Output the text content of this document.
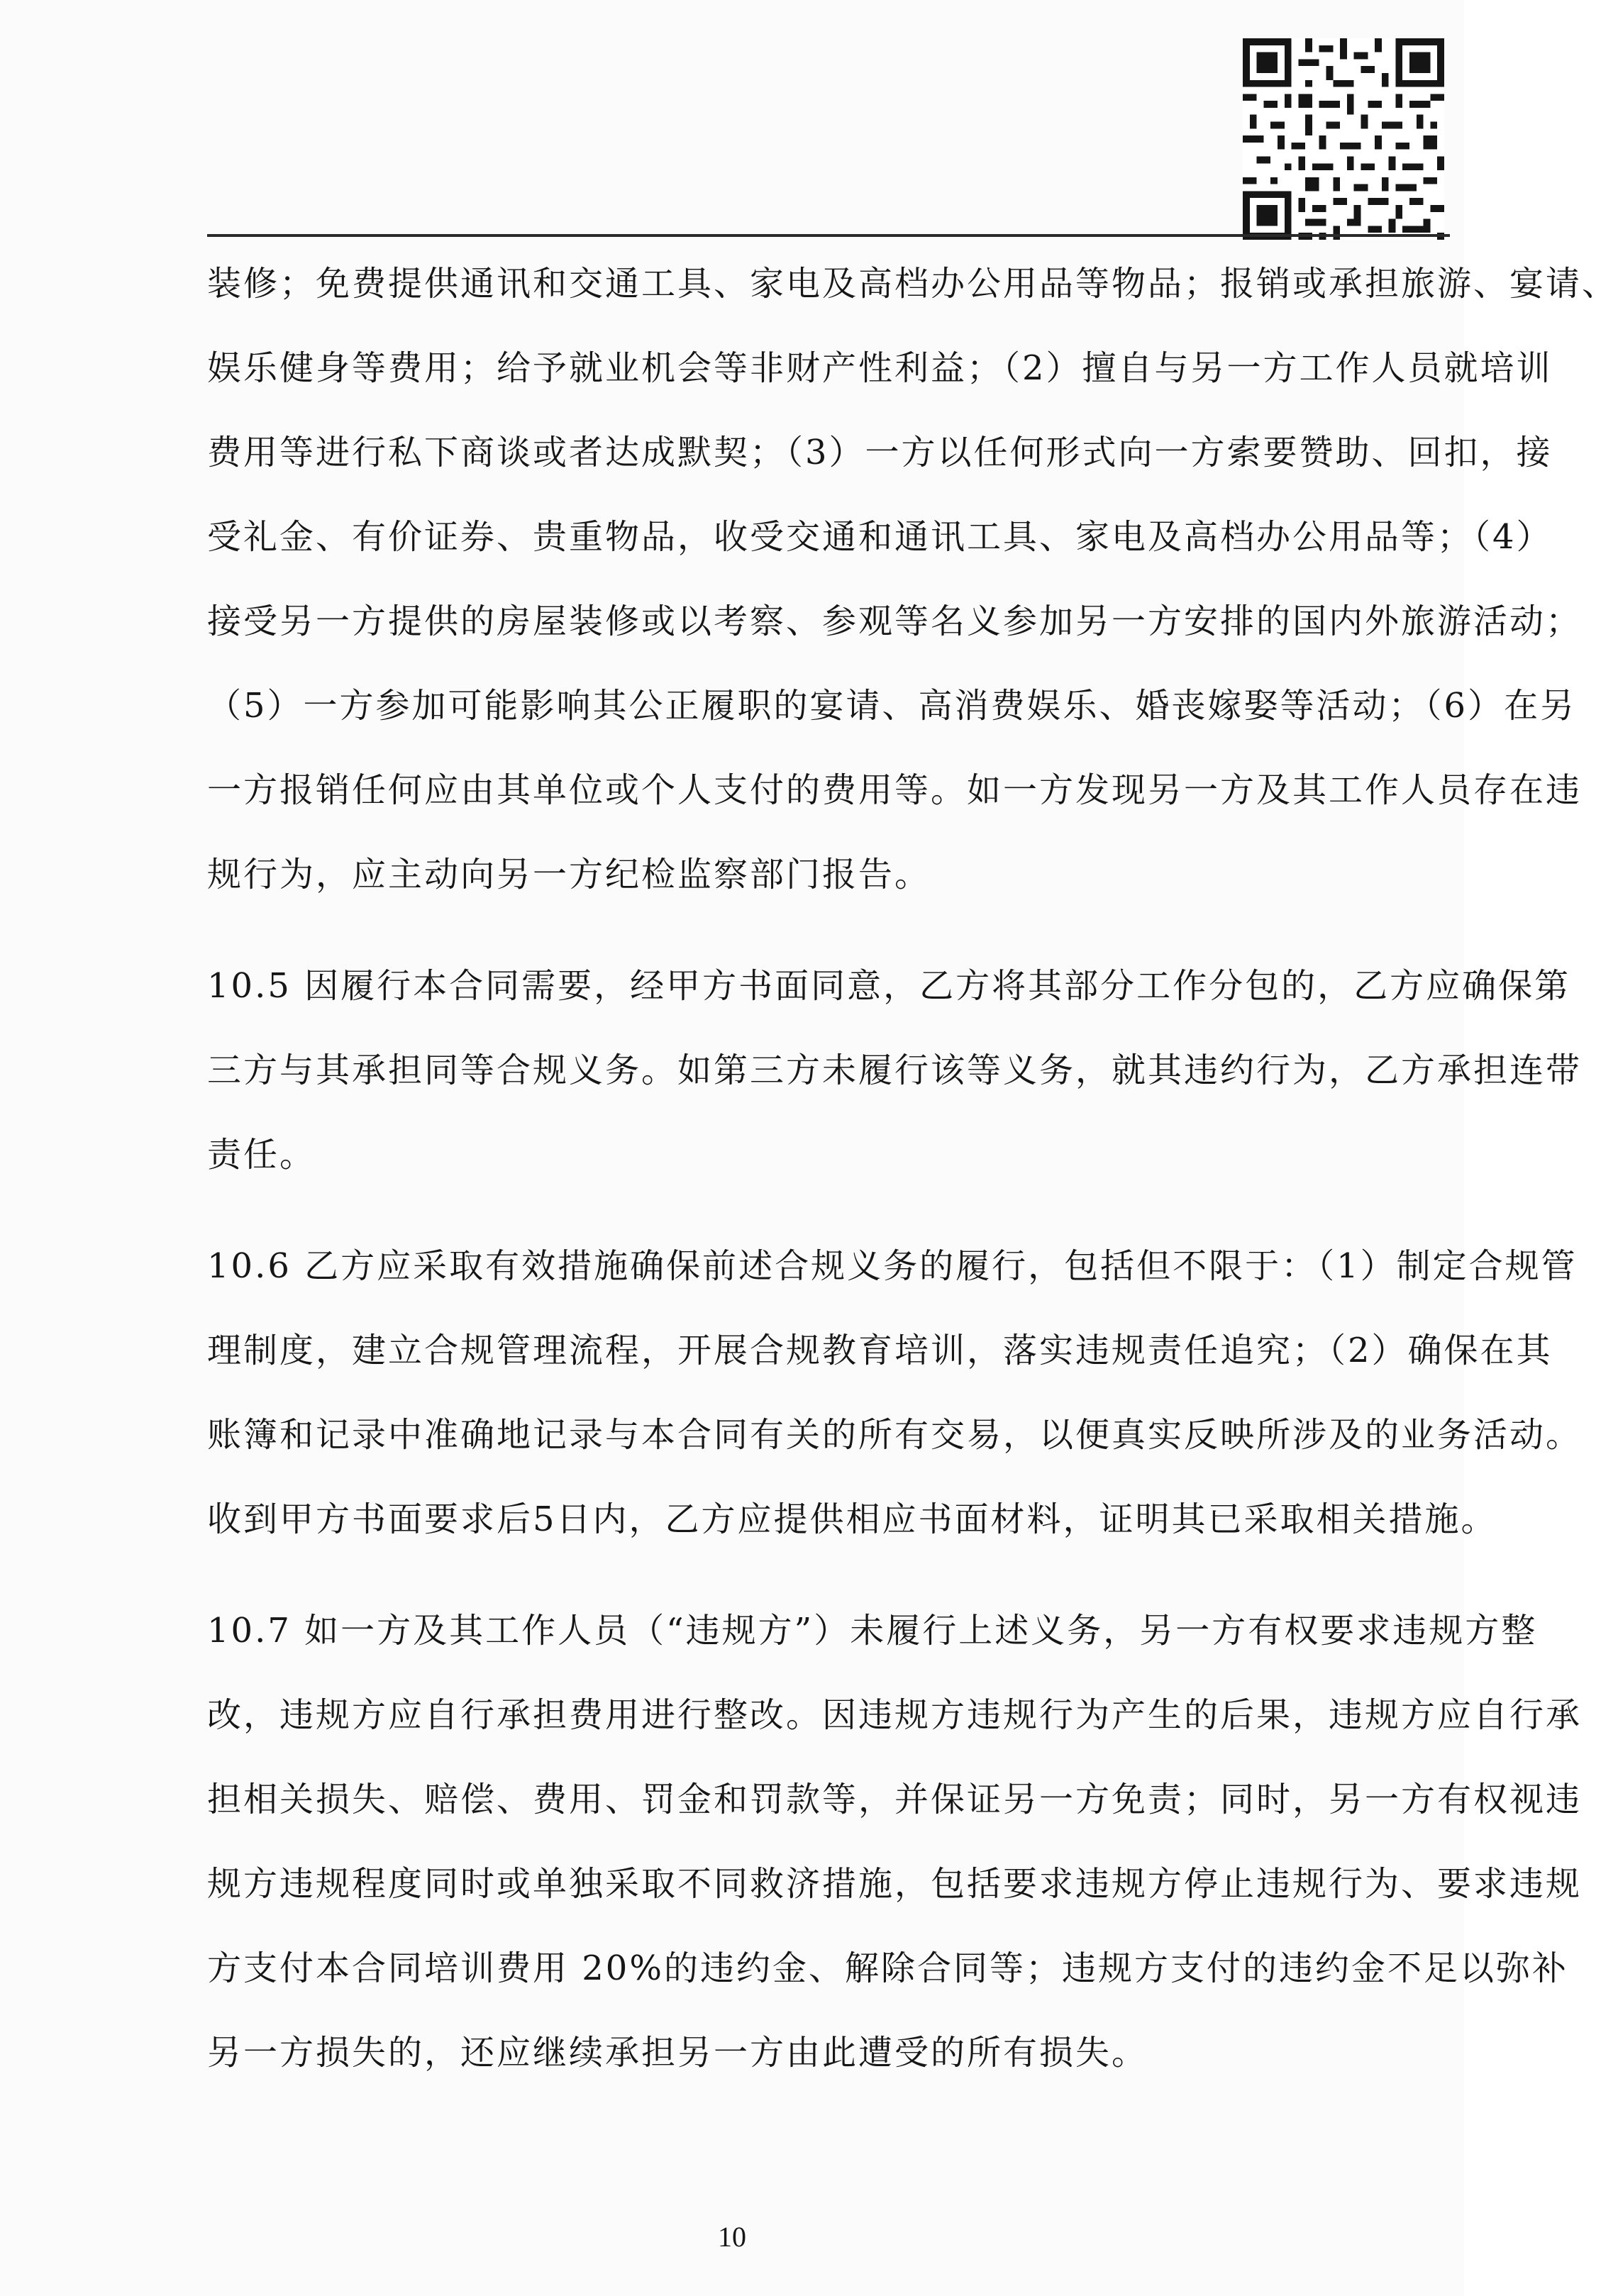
装修；免费提供通讯和交通工具、家电及高档办公用品等物品；报销或承担旅游、宴请、
娱乐健身等费用；给予就业机会等非财产性利益；（2）擅自与另一方工作人员就培训
费用等进行私下商谈或者达成默契；（3）一方以任何形式向一方索要赞助、回扣，接
受礼金、有价证券、贵重物品，收受交通和通讯工具、家电及高档办公用品等；（4）
接受另一方提供的房屋装修或以考察、参观等名义参加另一方安排的国内外旅游活动；
（5）一方参加可能影响其公正履职的宴请、高消费娱乐、婚丧嫁娶等活动；（6）在另
一方报销任何应由其单位或个人支付的费用等。如一方发现另一方及其工作人员存在违
规行为，应主动向另一方纪检监察部门报告。
10.5 因履行本合同需要，经甲方书面同意，乙方将其部分工作分包的，乙方应确保第
三方与其承担同等合规义务。如第三方未履行该等义务，就其违约行为，乙方承担连带
责任。
10.6 乙方应采取有效措施确保前述合规义务的履行，包括但不限于：（1）制定合规管
理制度，建立合规管理流程，开展合规教育培训，落实违规责任追究；（2）确保在其
账簿和记录中准确地记录与本合同有关的所有交易，以便真实反映所涉及的业务活动。
收到甲方书面要求后5日内，乙方应提供相应书面材料，证明其已采取相关措施。
10.7 如一方及其工作人员（“违规方”）未履行上述义务，另一方有权要求违规方整
改，违规方应自行承担费用进行整改。因违规方违规行为产生的后果，违规方应自行承
担相关损失、赔偿、费用、罚金和罚款等，并保证另一方免责；同时，另一方有权视违
规方违规程度同时或单独采取不同救济措施，包括要求违规方停止违规行为、要求违规
方支付本合同培训费用 20%的违约金、解除合同等；违规方支付的违约金不足以弥补
另一方损失的，还应继续承担另一方由此遭受的所有损失。
10
